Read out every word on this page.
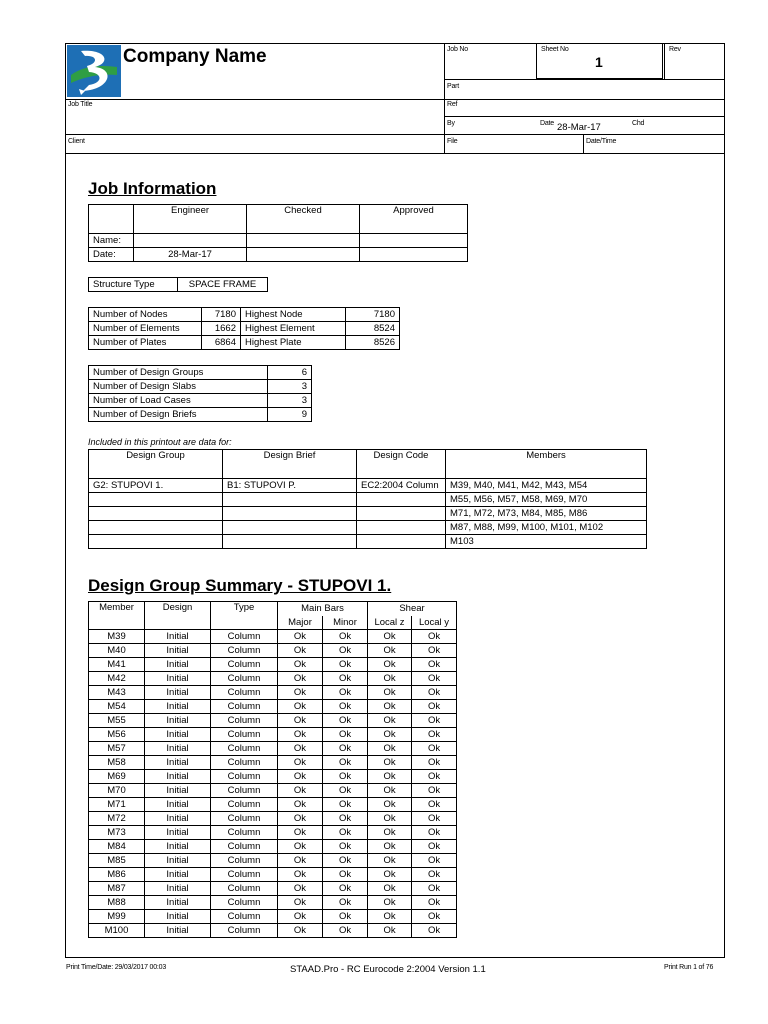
Company Name	Job No	Sheet No
1
Rev
Part
Ref
By	Date 28-Mar-17	Chd
Job Title
Client	File	Date/Time
Job Information
	Engineer	Checked	Approved
Name:			
Date:	28-Mar-17		
Structure Type	SPACE FRAME
Number of Nodes	7180	Highest Node	7180
Number of Elements	1662	Highest Element	8524
Number of Plates	6864	Highest Plate	8526
Number of Design Groups	6
Number of Design Slabs	3
Number of Load Cases	3
Number of Design Briefs	9
Included in this printout are data for:
Design Group	Design Brief	Design Code	Members
G2: STUPOVI 1.	B1: STUPOVI P.	EC2:2004 Column	M39, M40, M41, M42, M43, M54
			M55, M56, M57, M58, M69, M70
			M71, M72, M73, M84, M85, M86
			M87, M88, M99, M100, M101, M102
			M103
Design Group Summary - STUPOVI 1.
Member	Design	Type	Main Bars		Shear	
			Major	Minor	Local z	Local y
M39	Initial	Column	Ok	Ok	Ok	Ok
M40	Initial	Column	Ok	Ok	Ok	Ok
M41	Initial	Column	Ok	Ok	Ok	Ok
M42	Initial	Column	Ok	Ok	Ok	Ok
M43	Initial	Column	Ok	Ok	Ok	Ok
M54	Initial	Column	Ok	Ok	Ok	Ok
M55	Initial	Column	Ok	Ok	Ok	Ok
M56	Initial	Column	Ok	Ok	Ok	Ok
M57	Initial	Column	Ok	Ok	Ok	Ok
M58	Initial	Column	Ok	Ok	Ok	Ok
M69	Initial	Column	Ok	Ok	Ok	Ok
M70	Initial	Column	Ok	Ok	Ok	Ok
M71	Initial	Column	Ok	Ok	Ok	Ok
M72	Initial	Column	Ok	Ok	Ok	Ok
M73	Initial	Column	Ok	Ok	Ok	Ok
M84	Initial	Column	Ok	Ok	Ok	Ok
M85	Initial	Column	Ok	Ok	Ok	Ok
M86	Initial	Column	Ok	Ok	Ok	Ok
M87	Initial	Column	Ok	Ok	Ok	Ok
M88	Initial	Column	Ok	Ok	Ok	Ok
M99	Initial	Column	Ok	Ok	Ok	Ok
M100	Initial	Column	Ok	Ok	Ok	Ok
Print Time/Date: 29/03/2017 00:03	STAAD.Pro - RC Eurocode 2:2004 Version 1.1	Print Run 1 of 76
